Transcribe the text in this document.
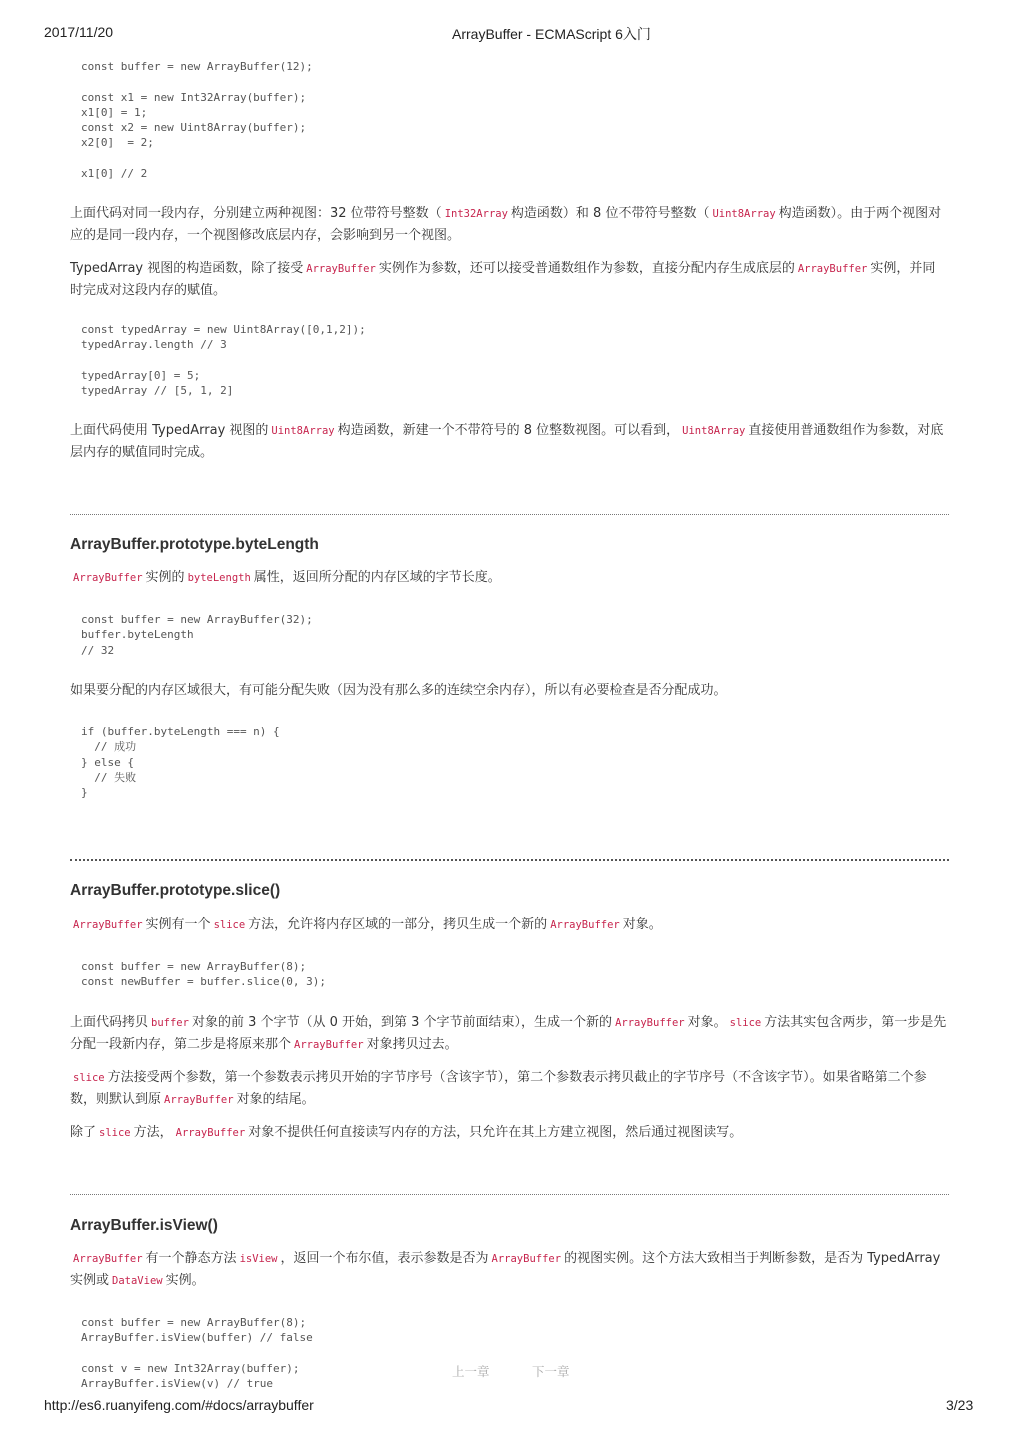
2017/11/20	ArrayBuffer - ECMAScript 6入门
const buffer = new ArrayBuffer(12);
const x1 = new Int32Array(buffer);
x1[0] = 1;
const x2 = new Uint8Array(buffer);
x2[0]  = 2;
x1[0] // 2

上面代码对同一段内存，分别建立两种视图：32 位带符号整数（ Int32Array 构造函数）和 8 位不带符号整数（ Uint8Array 构造函数）。由于两个视图对应的是同一段内存，一个视图修改底层内存，会影响到另一个视图。

TypedArray 视图的构造函数，除了接受 ArrayBuffer 实例作为参数，还可以接受普通数组作为参数，直接分配内存生成底层的 ArrayBuffer 实例，并同时完成对这段内存的赋值。

const typedArray = new Uint8Array([0,1,2]);
typedArray.length // 3
typedArray[0] = 5;
typedArray // [5, 1, 2]

上面代码使用 TypedArray 视图的 Uint8Array 构造函数，新建一个不带符号的 8 位整数视图。可以看到， Uint8Array 直接使用普通数组作为参数，对底层内存的赋值同时完成。

ArrayBuffer.prototype.byteLength

ArrayBuffer 实例的 byteLength 属性，返回所分配的内存区域的字节长度。

const buffer = new ArrayBuffer(32);
buffer.byteLength
// 32

如果要分配的内存区域很大，有可能分配失败（因为没有那么多的连续空余内存），所以有必要检查是否分配成功。

if (buffer.byteLength === n) {
// 成功
} else {
// 失败
}
ArrayBuffer.prototype.slice()

ArrayBuffer 实例有一个 slice 方法，允许将内存区域的一部分，拷贝生成一个新的 ArrayBuffer 对象。

const buffer = new ArrayBuffer(8);
const newBuffer = buffer.slice(0, 3);

上面代码拷贝 buffer 对象的前 3 个字节（从 0 开始，到第 3 个字节前面结束），生成一个新的 ArrayBuffer 对象。 slice 方法其实包含两步，第一步是先分配一段新内存，第二步是将原来那个 ArrayBuffer 对象拷贝过去。

slice 方法接受两个参数，第一个参数表示拷贝开始的字节序号（含该字节），第二个参数表示拷贝截止的字节序号（不含该字节）。如果省略第二个参数，则默认到原 ArrayBuffer 对象的结尾。

除了 slice 方法， ArrayBuffer 对象不提供任何直接读写内存的方法，只允许在其上方建立视图，然后通过视图读写。

ArrayBuffer.isView()

ArrayBuffer 有一个静态方法 isView ，返回一个布尔值，表示参数是否为 ArrayBuffer 的视图实例。这个方法大致相当于判断参数，是否为 TypedArray 实例或 DataView 实例。

const buffer = new ArrayBuffer(8);
ArrayBuffer.isView(buffer) // false
const v = new Int32Array(buffer);
ArrayBuffer.isView(v) // true
上一章	下一章
http://es6.ruanyifeng.com/#docs/arraybuffer	3/23
